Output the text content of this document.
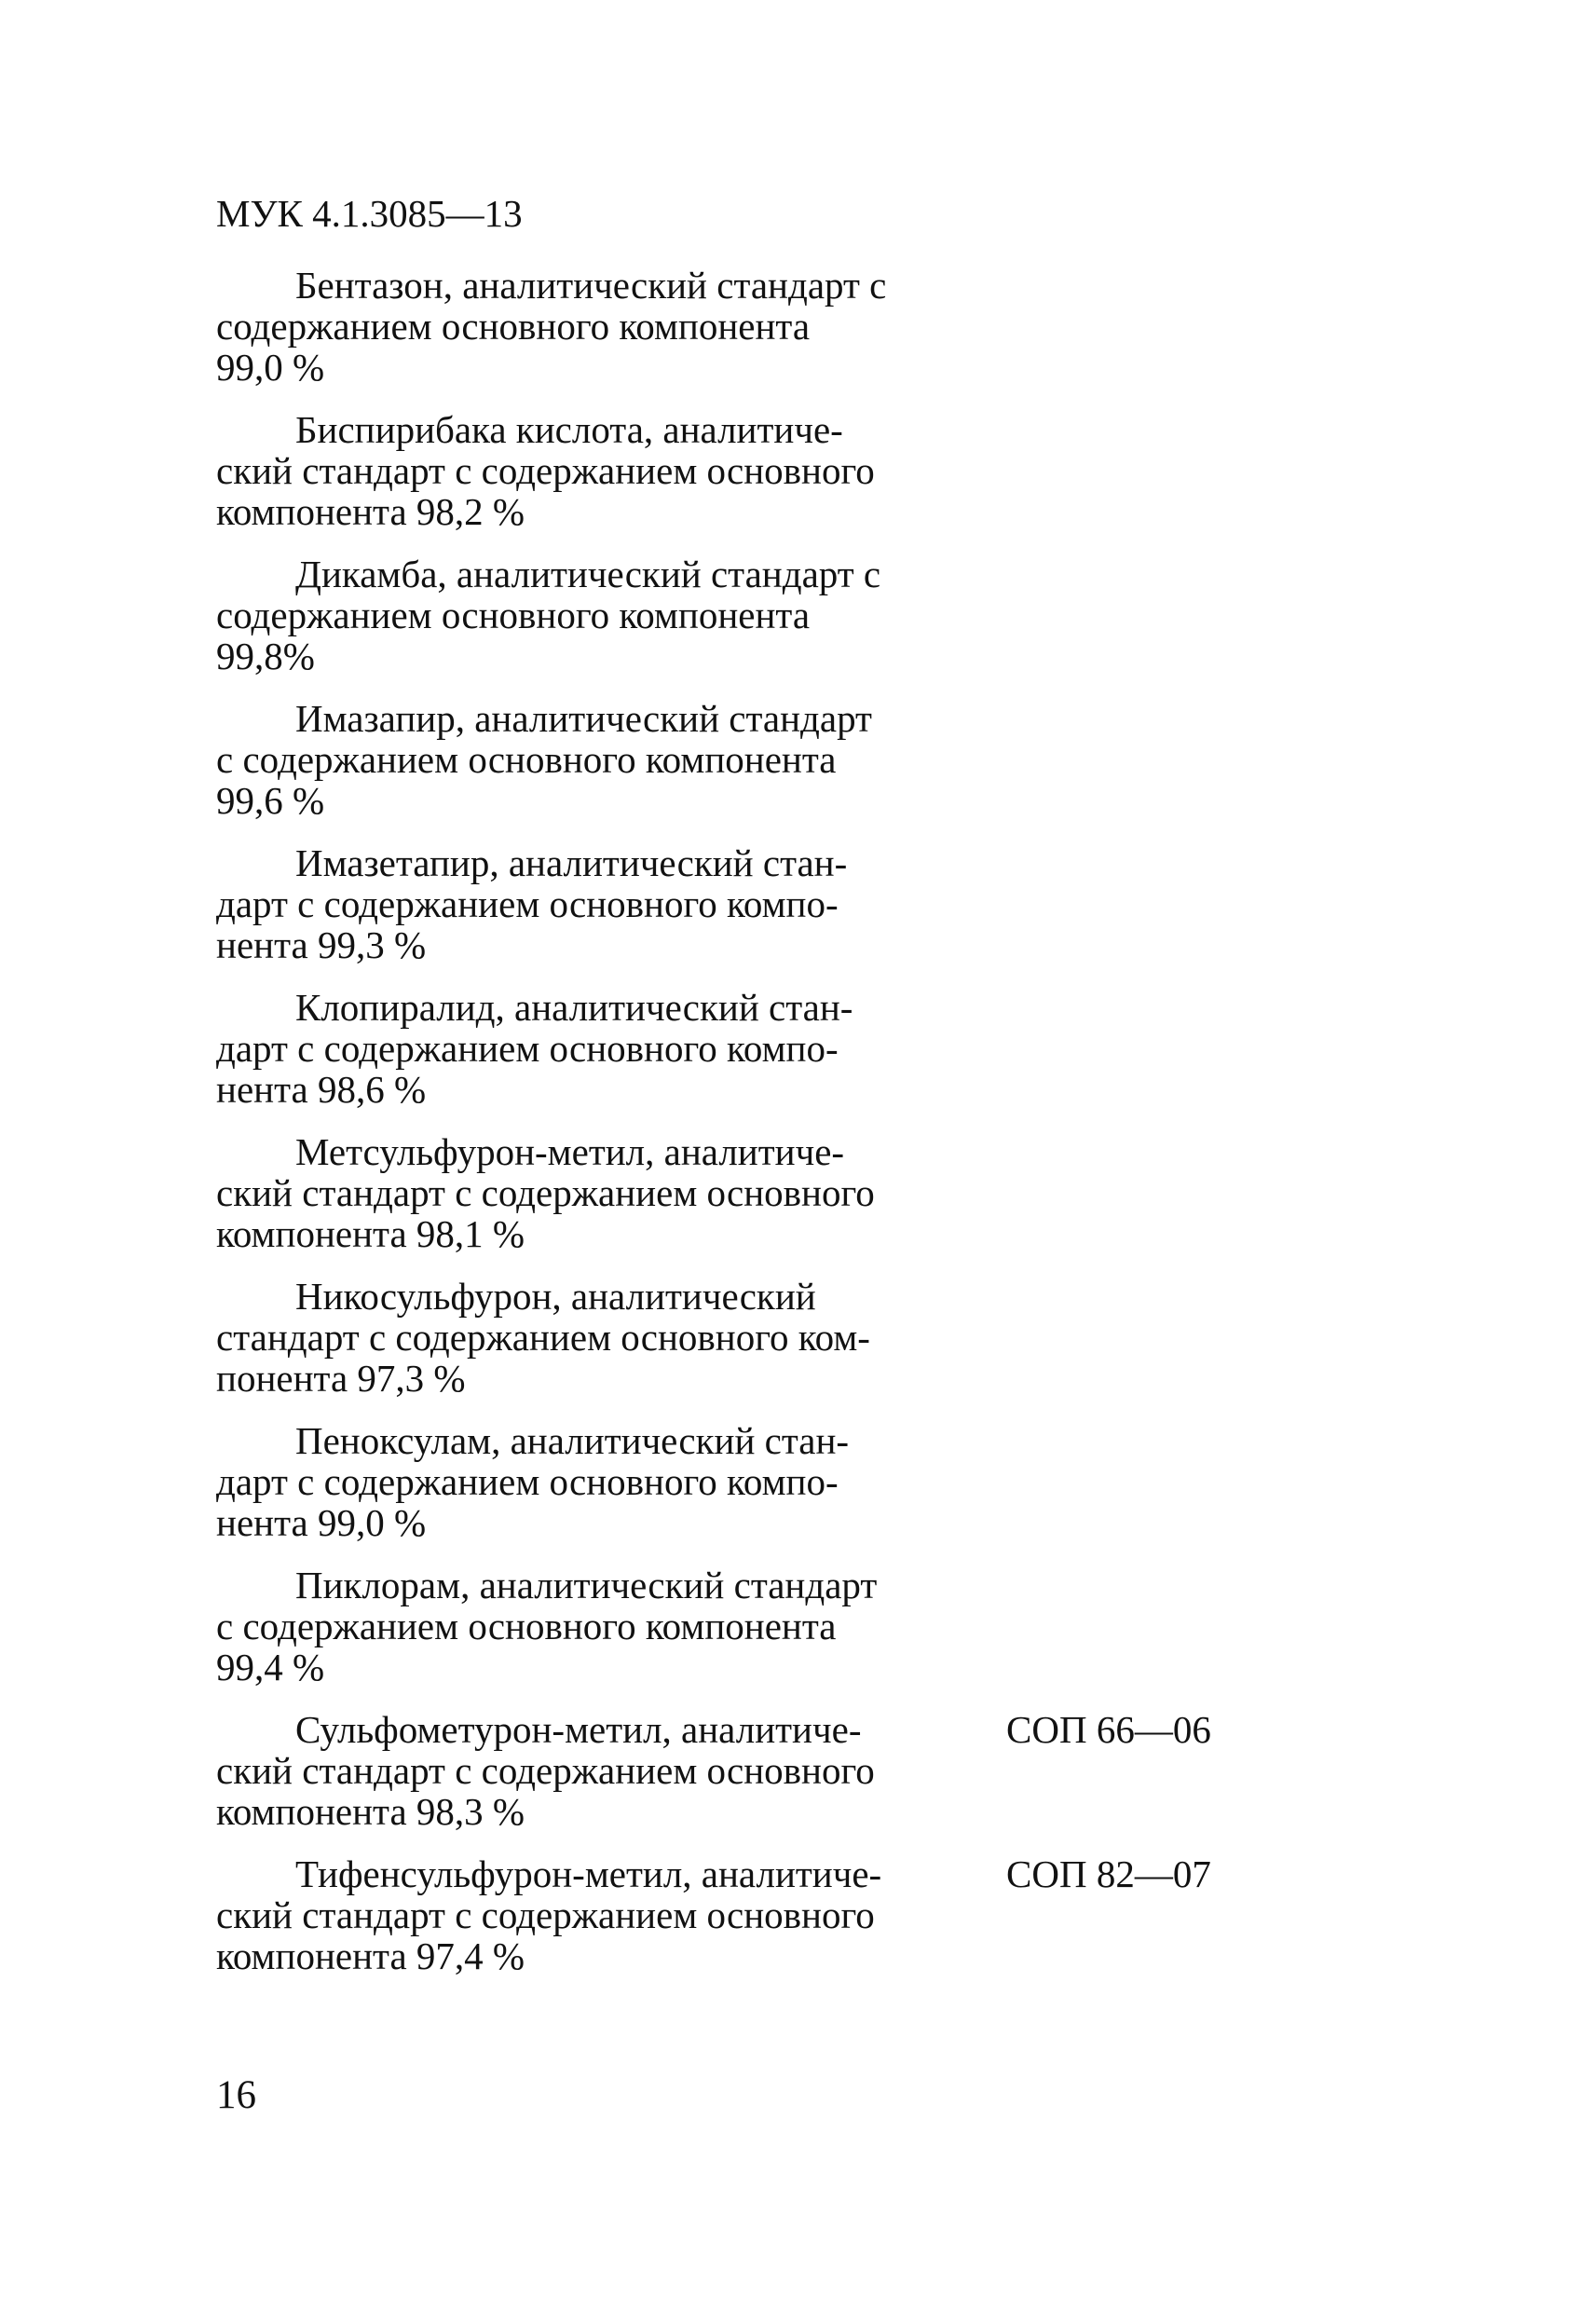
МУК 4.1.3085—13
Бентазон, аналитический стандарт с
содержанием основного компонента
99,0 %
Биспирибака кислота, аналитиче-
ский стандарт с содержанием основного
компонента 98,2 %
Дикамба, аналитический стандарт с
содержанием основного компонента
99,8%
Имазапир, аналитический стандарт
с содержанием основного компонента
99,6 %
Имазетапир, аналитический стан-
дарт с содержанием основного компо-
нента 99,3 %
Клопиралид, аналитический стан-
дарт с содержанием основного компо-
нента 98,6 %
Метсульфурон-метил, аналитиче-
ский стандарт с содержанием основного
компонента 98,1 %
Никосульфурон, аналитический
стандарт с содержанием основного ком-
понента 97,3 %
Пеноксулам, аналитический стан-
дарт с содержанием основного компо-
нента 99,0 %
Пиклорам, аналитический стандарт
с содержанием основного компонента
99,4 %
Сульфометурон-метил, аналитиче-
ский стандарт с содержанием основного
компонента 98,3 %
СОП 66—06
Тифенсульфурон-метил, аналитиче-
ский стандарт с содержанием основного
компонента 97,4 %
СОП 82—07
16
